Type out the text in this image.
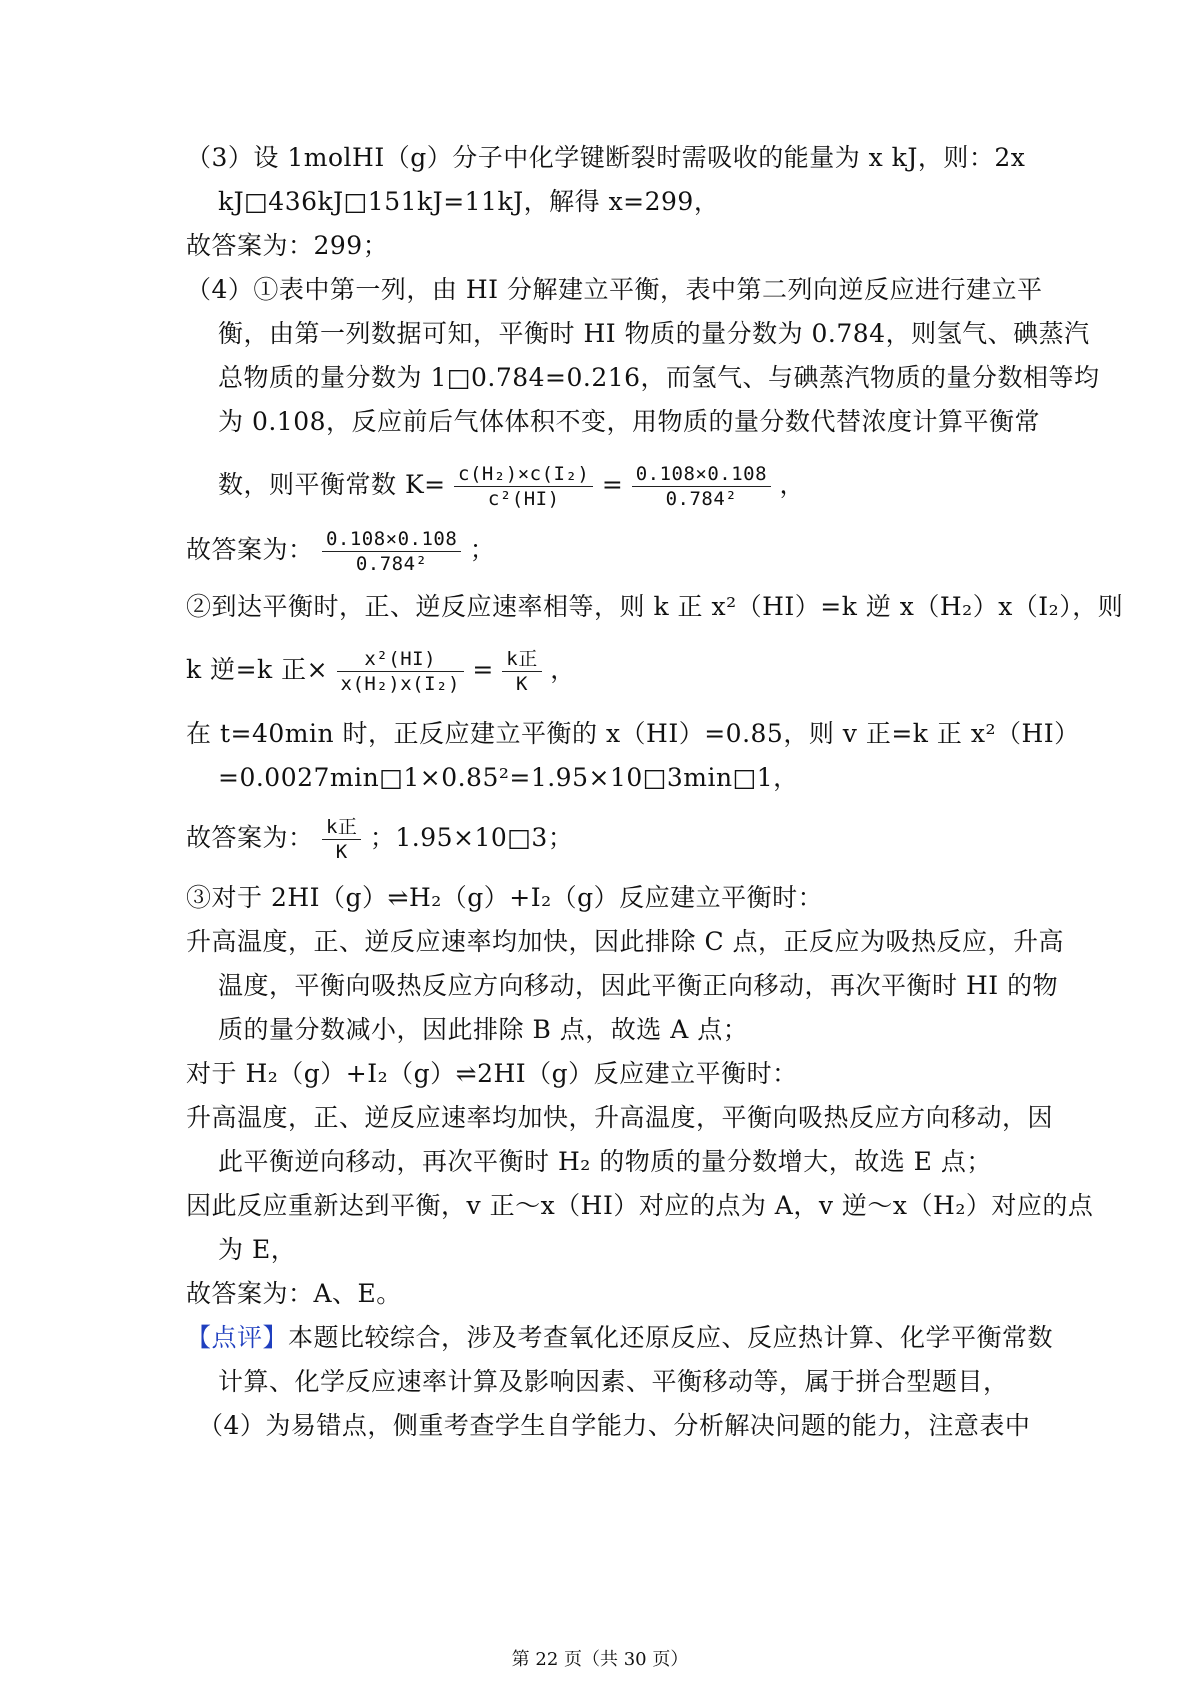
（3）设 1molHI（g）分子中化学键断裂时需吸收的能量为 x kJ，则：2x
kJ□436kJ□151kJ=11kJ，解得 x=299，
故答案为：299；
（4）①表中第一列，由 HI 分解建立平衡，表中第二列向逆反应进行建立平
衡，由第一列数据可知，平衡时 HI 物质的量分数为 0.784，则氢气、碘蒸汽
总物质的量分数为 1□0.784=0.216，而氢气、与碘蒸汽物质的量分数相等均
为 0.108，反应前后气体体积不变，用物质的量分数代替浓度计算平衡常
数，则平衡常数 $K= \frac{\text{c(H₂)×c(I₂)}}{\text{c²(HI)}} = \frac{0.108\times 0.108}{\text{0.784²}}$ ，
故答案为： $\frac{0.108\times 0.108}{\text{0.784²}}$ ；
②到达平衡时，正、逆反应速率相等，则 k 正 x²（HI）=k 逆 x（H₂）x（I₂），则
k 逆=k 正× $\frac{\text{x²(HI)}}{\text{x(H₂)x(I₂)}} = \frac{\text{k正}}{K}$ ，
在 t=40min 时，正反应建立平衡的 x（HI）=0.85，则 v 正=k 正 x²（HI）
=0.0027min□1×0.85²=1.95×10□3min□1，
故答案为： $\frac{\text{k正}}{K}$ ；1.95×10□3；
③对于 2HI（g）⇌H₂（g）+I₂（g）反应建立平衡时：
升高温度，正、逆反应速率均加快，因此排除 C 点，正反应为吸热反应，升高
温度，平衡向吸热反应方向移动，因此平衡正向移动，再次平衡时 HI 的物
质的量分数减小，因此排除 B 点，故选 A 点；
对于 H₂（g）+I₂（g）⇌2HI（g）反应建立平衡时：
升高温度，正、逆反应速率均加快，升高温度，平衡向吸热反应方向移动，因
此平衡逆向移动，再次平衡时 H₂ 的物质的量分数增大，故选 E 点；
因此反应重新达到平衡，v 正～x（HI）对应的点为 A，v 逆～x（H₂）对应的点
为 E，
故答案为：A、E。
【点评】本题比较综合，涉及考查氧化还原反应、反应热计算、化学平衡常数
计算、化学反应速率计算及影响因素、平衡移动等，属于拼合型题目，
（4）为易错点，侧重考查学生自学能力、分析解决问题的能力，注意表中
第 22 页（共 30 页）
